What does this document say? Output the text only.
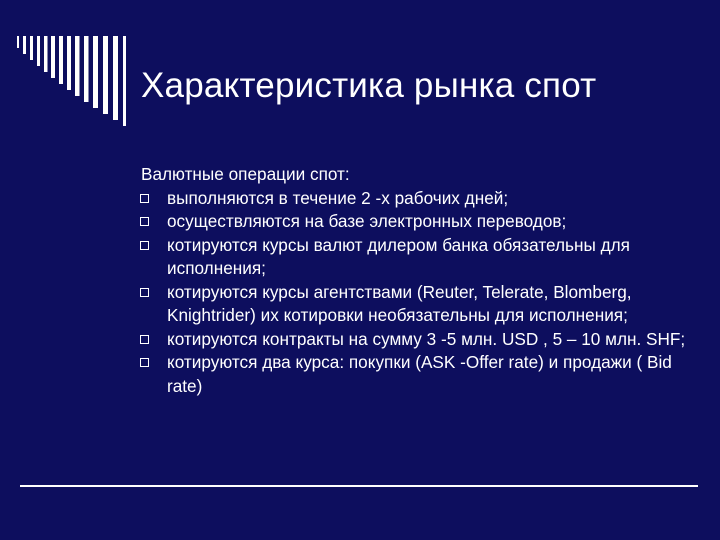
Характеристика рынка спот

Валютные операции спот:

выполняются в течение 2 -х рабочих дней;
осуществляются на базе электронных переводов;
котируются курсы валют дилером банка обязательны для исполнения;
котируются курсы агентствами (Reuter, Telerate, Blomberg, Knightrider) их котировки необязательны для исполнения;
котируются контракты на сумму 3 -5 млн. USD , 5 – 10 млн. SHF;
котируются два курса: покупки (ASK -Offer rate) и продажи ( Bid rate)
